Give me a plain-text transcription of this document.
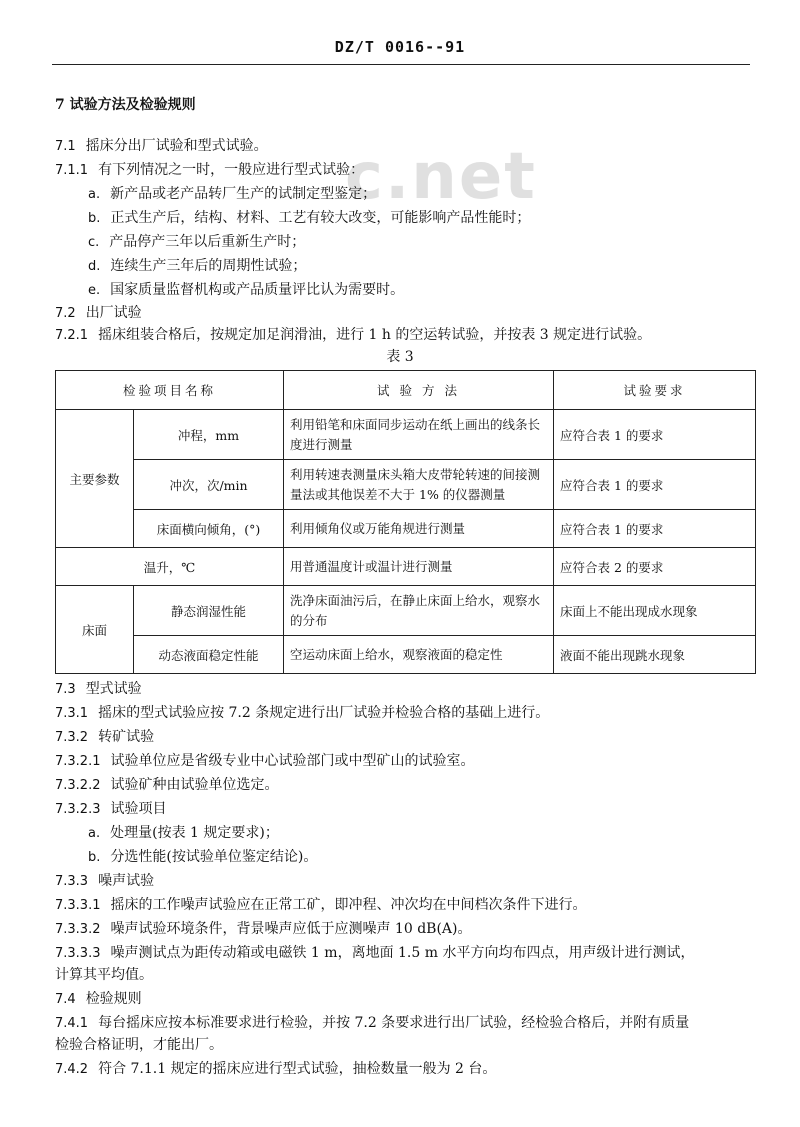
DZ/T 0016--91
c.net
7 试验方法及检验规则
7.1 摇床分出厂试验和型式试验。
7.1.1 有下列情况之一时，一般应进行型式试验：
a. 新产品或老产品转厂生产的试制定型鉴定；
b. 正式生产后，结构、材料、工艺有较大改变，可能影响产品性能时；
c. 产品停产三年以后重新生产时；
d. 连续生产三年后的周期性试验；
e. 国家质量监督机构或产品质量评比认为需要时。
7.2 出厂试验
7.2.1 摇床组装合格后，按规定加足润滑油，进行 1 h 的空运转试验，并按表 3 规定进行试验。
表 3
检验项目名称		试 验 方 法	试验要求
主要参数	冲程，mm	利用铅笔和床面同步运动在纸上画出的线条长度进行测量	应符合表 1 的要求
	冲次，次/min	利用转速表测量床头箱大皮带轮转速的间接测量法或其他误差不大于 1% 的仪器测量	应符合表 1 的要求
	床面横向倾角，(°)	利用倾角仪或万能角规进行测量	应符合表 1 的要求
温升，℃		用普通温度计或温计进行测量	应符合表 2 的要求
床面	静态润湿性能	洗净床面油污后，在静止床面上给水，观察水的分布	床面上不能出现成水现象
	动态液面稳定性能	空运动床面上给水，观察液面的稳定性	液面不能出现跳水现象
7.3 型式试验
7.3.1 摇床的型式试验应按 7.2 条规定进行出厂试验并检验合格的基础上进行。
7.3.2 转矿试验
7.3.2.1 试验单位应是省级专业中心试验部门或中型矿山的试验室。
7.3.2.2 试验矿种由试验单位选定。
7.3.2.3 试验项目
a. 处理量(按表 1 规定要求)；
b. 分选性能(按试验单位鉴定结论)。
7.3.3 噪声试验
7.3.3.1 摇床的工作噪声试验应在正常工矿，即冲程、冲次均在中间档次条件下进行。
7.3.3.2 噪声试验环境条件，背景噪声应低于应测噪声 10 dB(A)。
7.3.3.3 噪声测试点为距传动箱或电磁铁 1 m，离地面 1.5 m 水平方向均布四点，用声级计进行测试，
计算其平均值。
7.4 检验规则
7.4.1 每台摇床应按本标准要求进行检验，并按 7.2 条要求进行出厂试验，经检验合格后，并附有质量
检验合格证明，才能出厂。
7.4.2 符合 7.1.1 规定的摇床应进行型式试验，抽检数量一般为 2 台。
